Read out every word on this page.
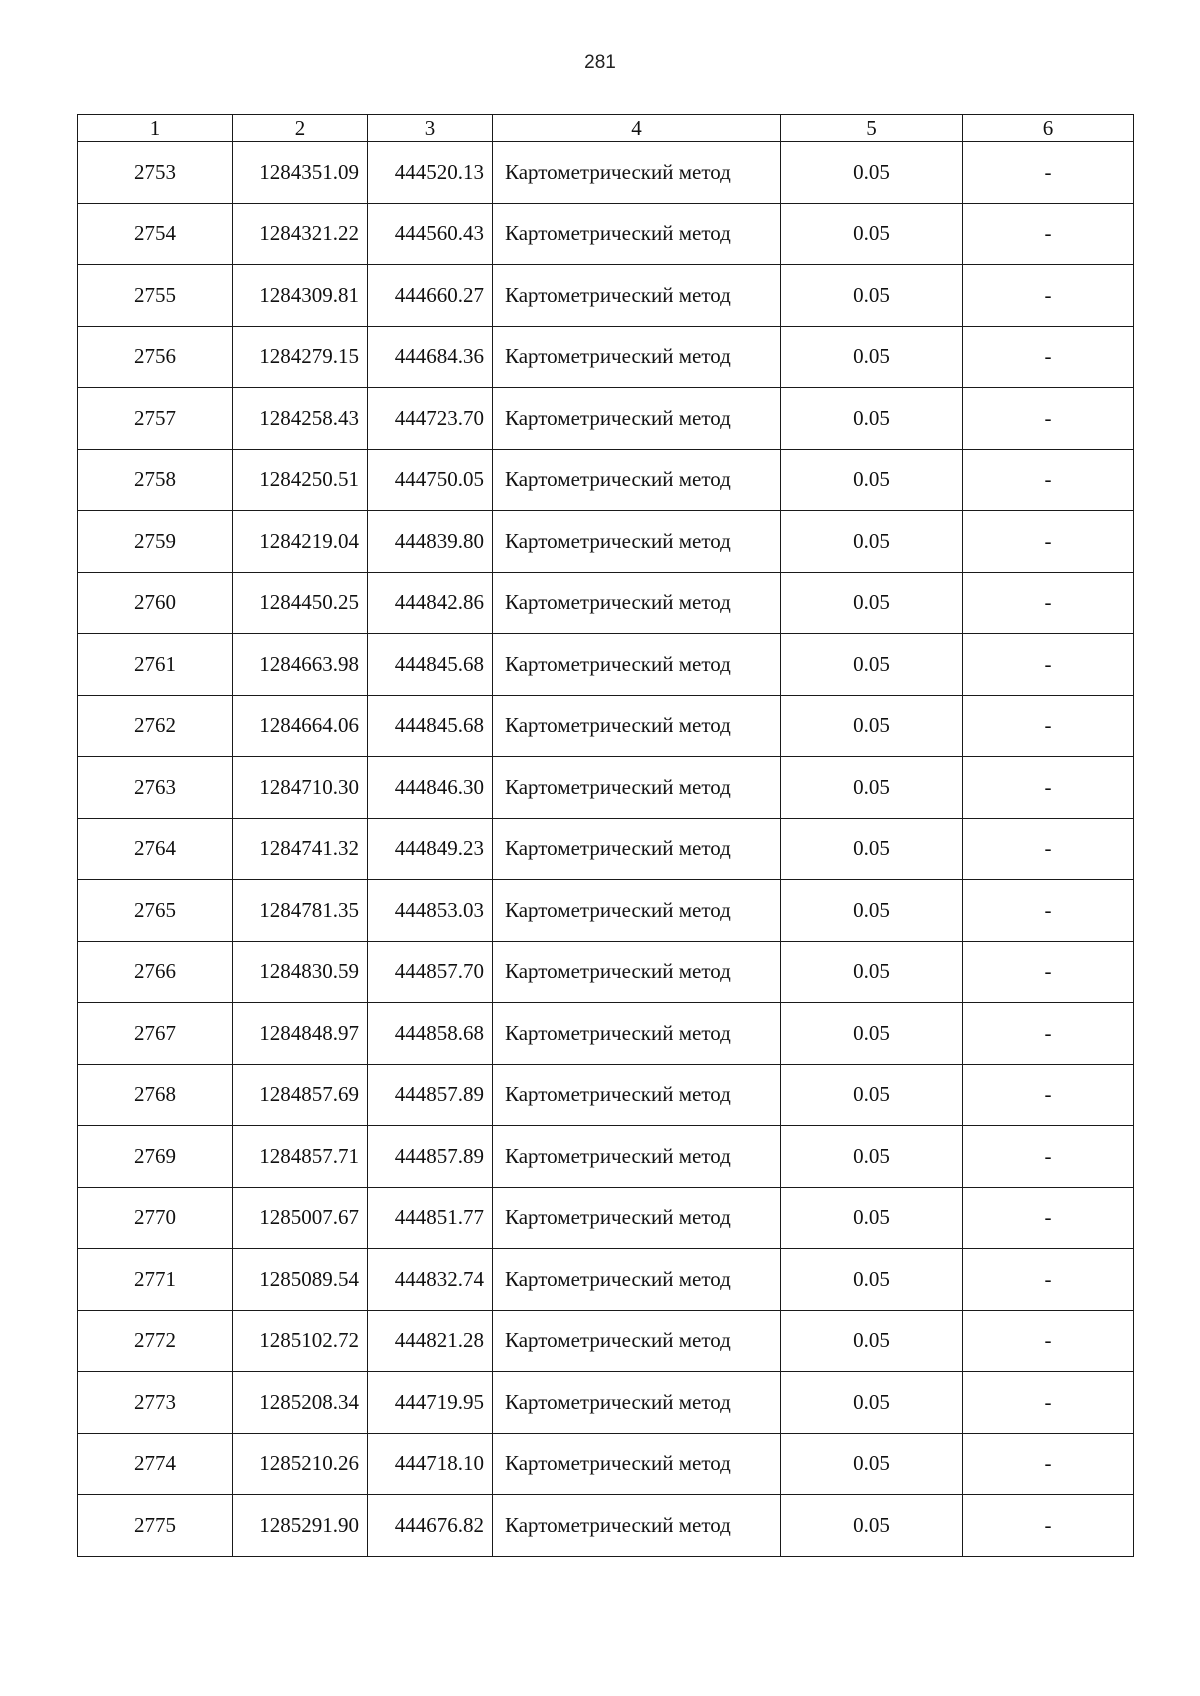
281
1	2	3	4	5	6
2753	1284351.09	444520.13	Картометрический метод	0.05	-
2754	1284321.22	444560.43	Картометрический метод	0.05	-
2755	1284309.81	444660.27	Картометрический метод	0.05	-
2756	1284279.15	444684.36	Картометрический метод	0.05	-
2757	1284258.43	444723.70	Картометрический метод	0.05	-
2758	1284250.51	444750.05	Картометрический метод	0.05	-
2759	1284219.04	444839.80	Картометрический метод	0.05	-
2760	1284450.25	444842.86	Картометрический метод	0.05	-
2761	1284663.98	444845.68	Картометрический метод	0.05	-
2762	1284664.06	444845.68	Картометрический метод	0.05	-
2763	1284710.30	444846.30	Картометрический метод	0.05	-
2764	1284741.32	444849.23	Картометрический метод	0.05	-
2765	1284781.35	444853.03	Картометрический метод	0.05	-
2766	1284830.59	444857.70	Картометрический метод	0.05	-
2767	1284848.97	444858.68	Картометрический метод	0.05	-
2768	1284857.69	444857.89	Картометрический метод	0.05	-
2769	1284857.71	444857.89	Картометрический метод	0.05	-
2770	1285007.67	444851.77	Картометрический метод	0.05	-
2771	1285089.54	444832.74	Картометрический метод	0.05	-
2772	1285102.72	444821.28	Картометрический метод	0.05	-
2773	1285208.34	444719.95	Картометрический метод	0.05	-
2774	1285210.26	444718.10	Картометрический метод	0.05	-
2775	1285291.90	444676.82	Картометрический метод	0.05	-
